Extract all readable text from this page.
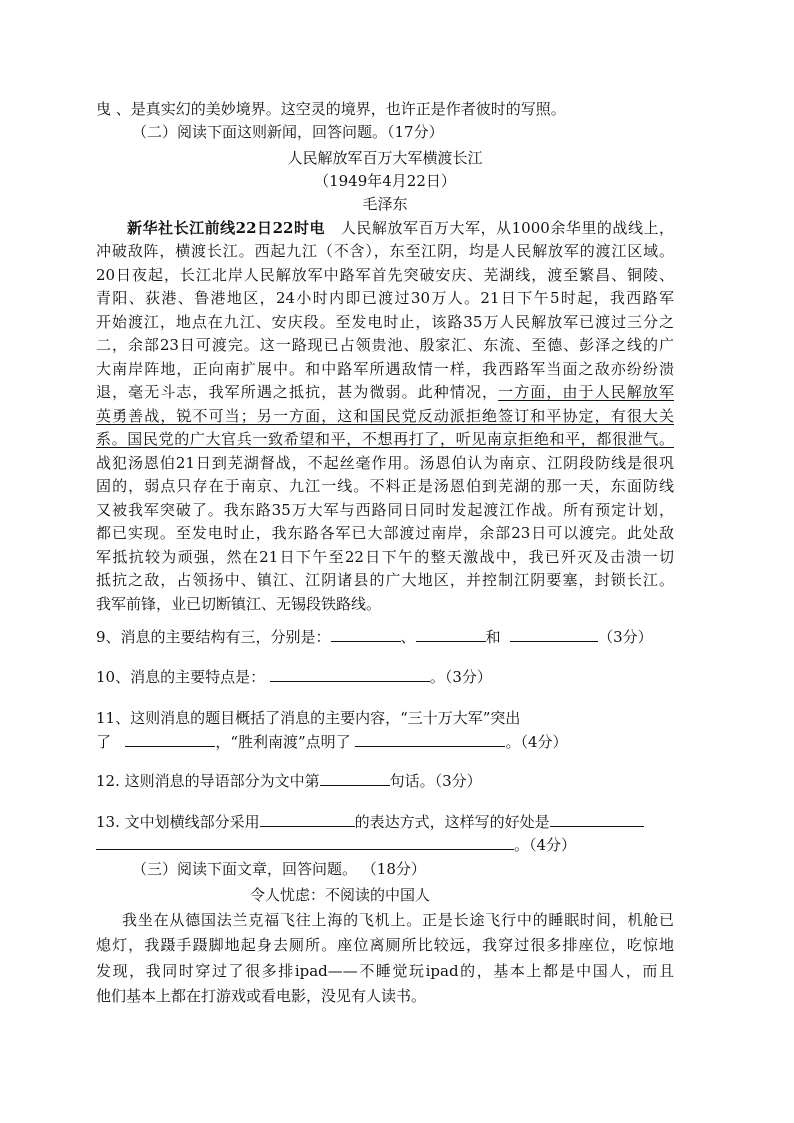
曳 、是真实幻的美妙境界。这空灵的境界，也许正是作者彼时的写照。
（二）阅读下面这则新闻，回答问题。（17分）
人民解放军百万大军横渡长江
（1949年4月22日）
毛泽东
新华社长江前线22日22时电 人民解放军百万大军，从1000余华里的战线上，
冲破敌阵，横渡长江。西起九江（不含），东至江阴，均是人民解放军的渡江区域。
20日夜起，长江北岸人民解放军中路军首先突破安庆、芜湖线，渡至繁昌、铜陵、
青阳、荻港、鲁港地区，24小时内即已渡过30万人。21日下午5时起，我西路军
开始渡江，地点在九江、安庆段。至发电时止，该路35万人民解放军已渡过三分之
二，余部23日可渡完。这一路现已占领贵池、殷家汇、东流、至德、彭泽之线的广
大南岸阵地，正向南扩展中。和中路军所遇敌情一样，我西路军当面之敌亦纷纷溃
退，毫无斗志，我军所遇之抵抗，甚为微弱。此种情况，一方面，由于人民解放军
英勇善战，锐不可当；另一方面，这和国民党反动派拒绝签订和平协定，有很大关
系。国民党的广大官兵一致希望和平，不想再打了，听见南京拒绝和平，都很泄气。
战犯汤恩伯21日到芜湖督战，不起丝毫作用。汤恩伯认为南京、江阴段防线是很巩
固的，弱点只存在于南京、九江一线。不料正是汤恩伯到芜湖的那一天，东面防线
又被我军突破了。我东路35万大军与西路同日同时发起渡江作战。所有预定计划，
都已实现。至发电时止，我东路各军已大部渡过南岸，余部23日可以渡完。此处敌
军抵抗较为顽强，然在21日下午至22日下午的整天激战中，我已歼灭及击溃一切
抵抗之敌，占领扬中、镇江、江阴诸县的广大地区，并控制江阴要塞，封锁长江。
我军前锋，业已切断镇江、无锡段铁路线。
9、消息的主要结构有三，分别是：	、	和	（3分）
10、消息的主要特点是：	。（3分）
11、这则消息的题目概括了消息的主要内容，“三十万大军”突出
了	，“胜利南渡”点明了	。（4分）
12. 这则消息的导语部分为文中第	句话。（3分）
13. 文中划横线部分采用	的表达方式，这样写的好处是
。（4分）
（三）阅读下面文章，回答问题。 （18分）
令人忧虑：不阅读的中国人
我坐在从德国法兰克福飞往上海的飞机上。正是长途飞行中的睡眠时间，机舱已
熄灯，我蹑手蹑脚地起身去厕所。座位离厕所比较远，我穿过很多排座位，吃惊地
发现，我同时穿过了很多排ipad——不睡觉玩ipad的，基本上都是中国人，而且
他们基本上都在打游戏或看电影，没见有人读书。
